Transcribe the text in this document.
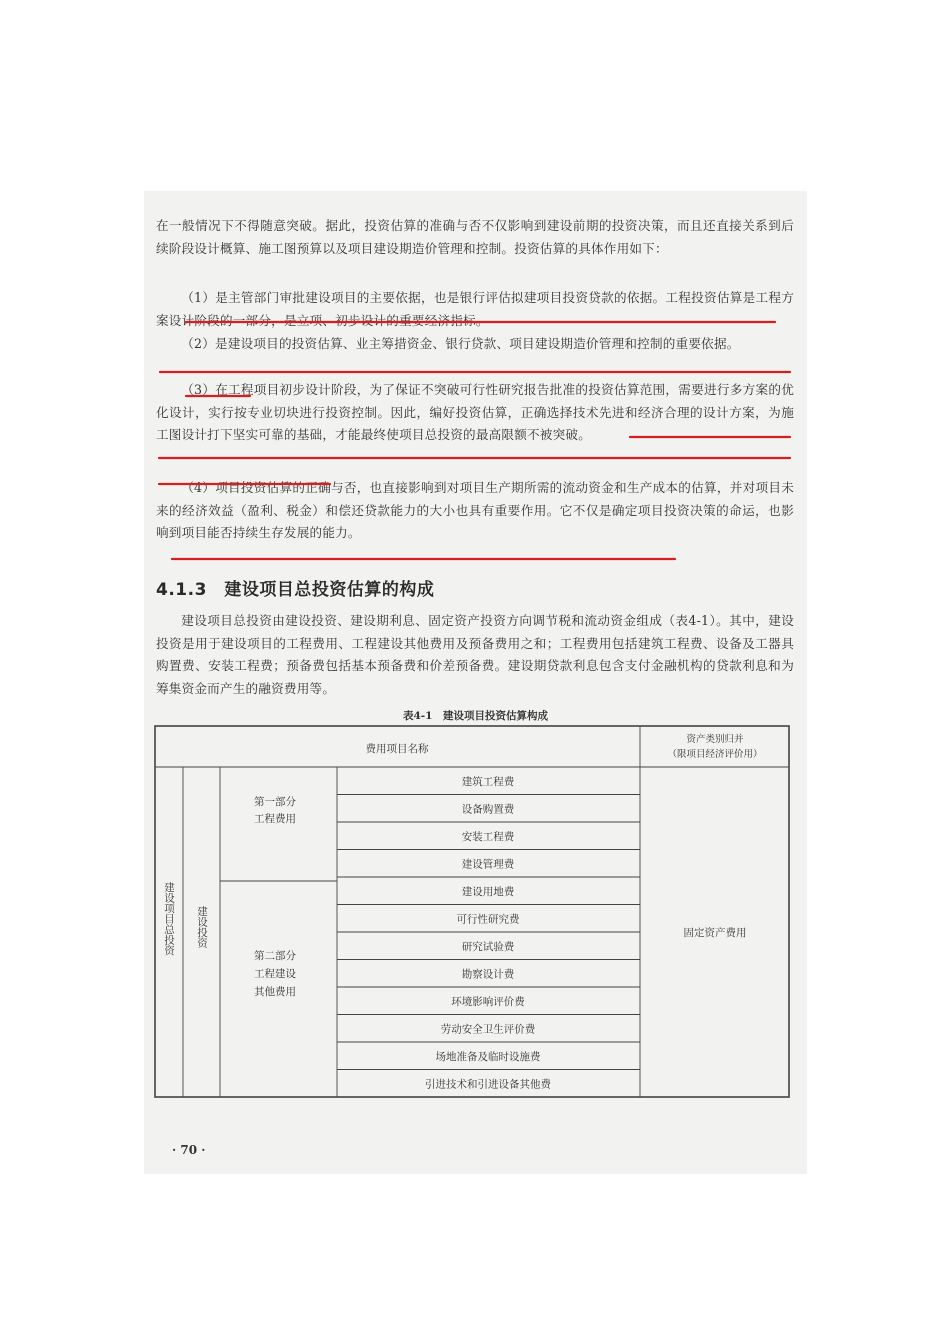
在一般情况下不得随意突破。据此，投资估算的准确与否不仅影响到建设前期的投资决策，而且还直接关系到后续阶段设计概算、施工图预算以及项目建设期造价管理和控制。投资估算的具体作用如下：

（1）是主管部门审批建设项目的主要依据，也是银行评估拟建项目投资贷款的依据。工程投资估算是工程方案设计阶段的一部分，是立项、初步设计的重要经济指标。

（2）是建设项目的投资估算、业主筹措资金、银行贷款、项目建设期造价管理和控制的重要依据。

（3）在工程项目初步设计阶段，为了保证不突破可行性研究报告批准的投资估算范围，需要进行多方案的优化设计，实行按专业切块进行投资控制。因此，编好投资估算，正确选择技术先进和经济合理的设计方案，为施工图设计打下坚实可靠的基础，才能最终使项目总投资的最高限额不被突破。

（4）项目投资估算的正确与否，也直接影响到对项目生产期所需的流动资金和生产成本的估算，并对项目未来的经济效益（盈利、税金）和偿还贷款能力的大小也具有重要作用。它不仅是确定项目投资决策的命运，也影响到项目能否持续生存发展的能力。

4.1.3　建设项目总投资估算的构成

建设项目总投资由建设投资、建设期利息、固定资产投资方向调节税和流动资金组成（表4-1）。其中，建设投资是用于建设项目的工程费用、工程建设其他费用及预备费用之和；工程费用包括建筑工程费、设备及工器具购置费、安装工程费；预备费包括基本预备费和价差预备费。建设期贷款利息包含支付金融机构的贷款利息和为筹集资金而产生的融资费用等。

表4-1　建设项目投资估算构成
· 70 ·
费用项目名称
资产类别归并
（限项目经济评价用）
建设项目总投资 建设投资
第一部分
工程费用
第二部分
工程建设
其他费用
建筑工程费
设备购置费
安装工程费
建设管理费
建设用地费
可行性研究费
研究试验费
勘察设计费
环境影响评价费
劳动安全卫生评价费
场地准备及临时设施费
引进技术和引进设备其他费
固定资产费用
